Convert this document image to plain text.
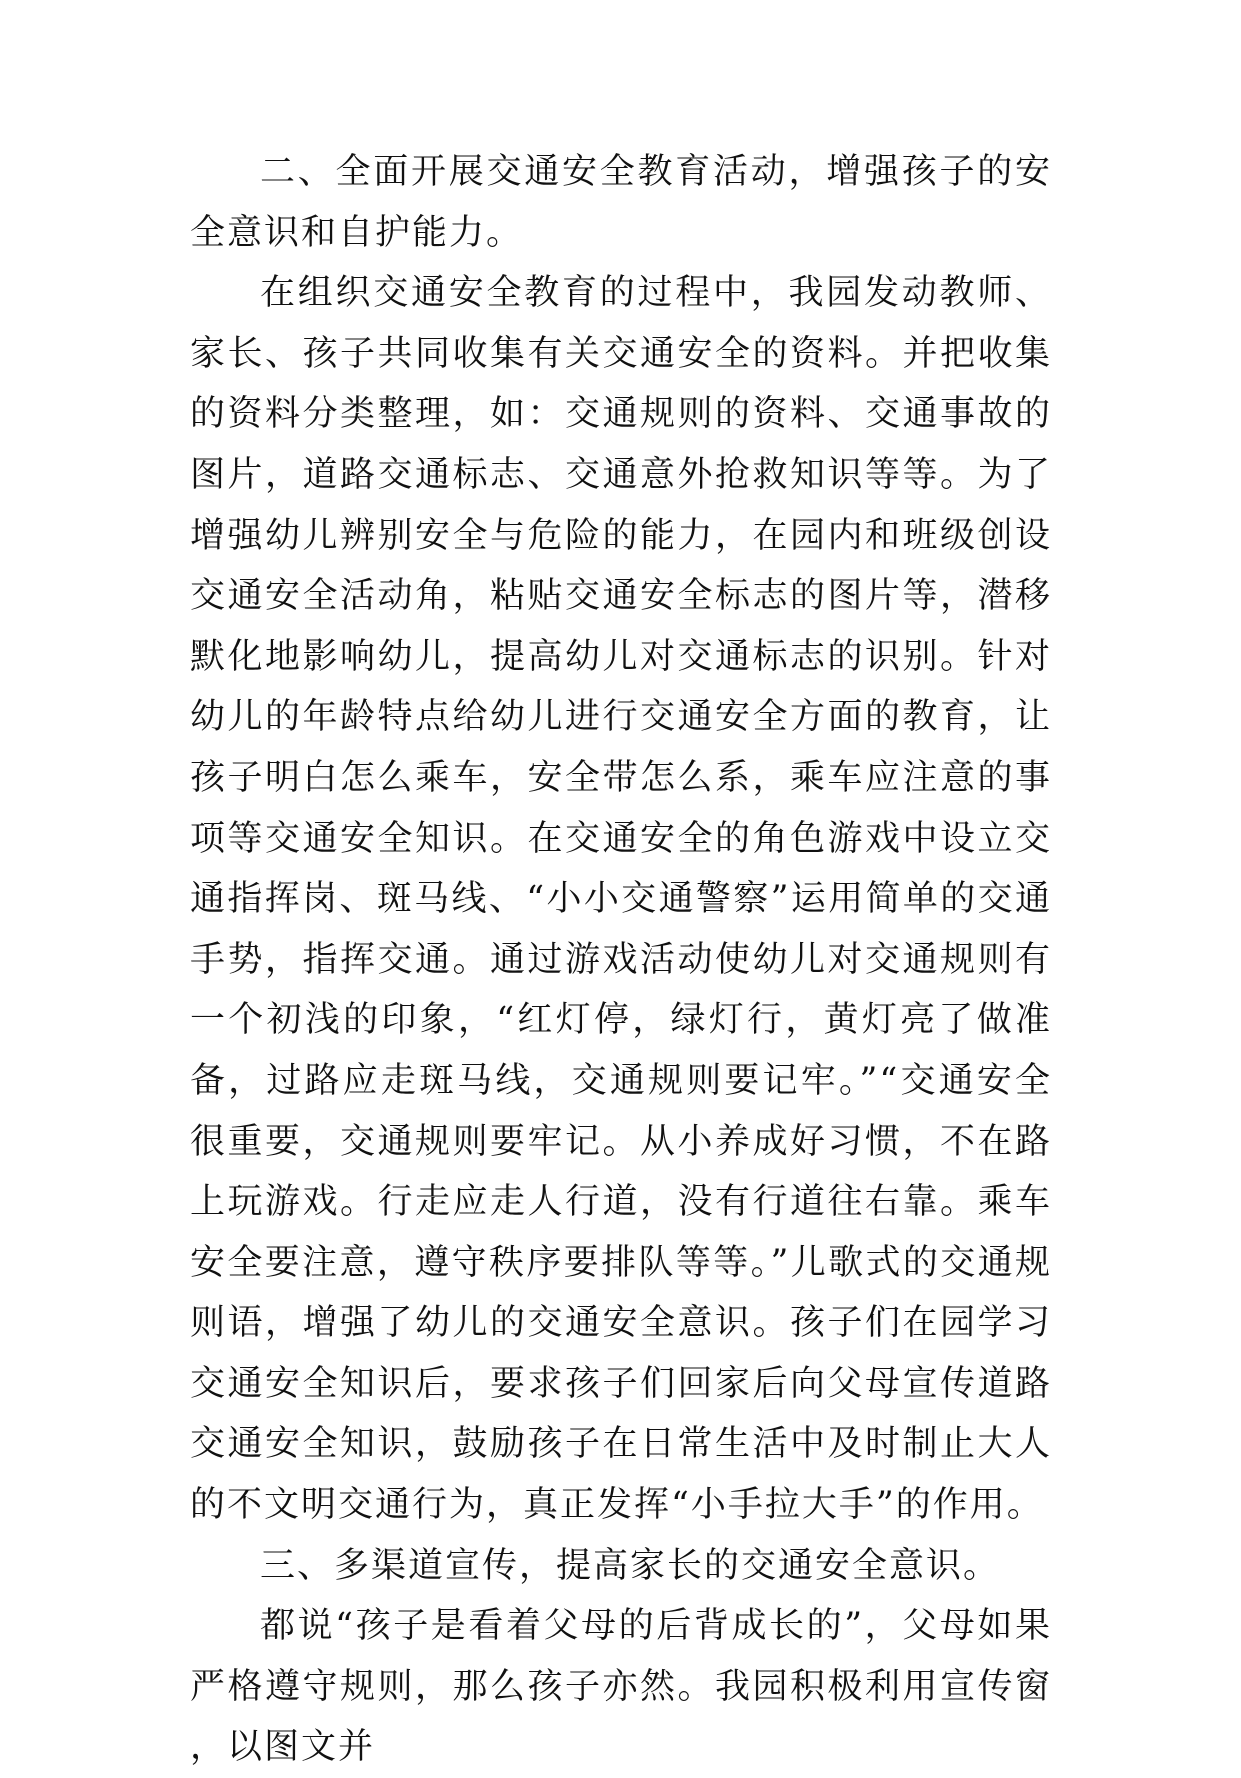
二、全面开展交通安全教育活动，增强孩子的安全意识和自护能力。

在组织交通安全教育的过程中，我园发动教师、家长、孩子共同收集有关交通安全的资料。并把收集的资料分类整理，如：交通规则的资料、交通事故的图片，道路交通标志、交通意外抢救知识等等。为了增强幼儿辨别安全与危险的能力，在园内和班级创设交通安全活动角，粘贴交通安全标志的图片等，潜移默化地影响幼儿，提高幼儿对交通标志的识别。针对幼儿的年龄特点给幼儿进行交通安全方面的教育，让孩子明白怎么乘车，安全带怎么系，乘车应注意的事项等交通安全知识。在交通安全的角色游戏中设立交通指挥岗、斑马线、“小小交通警察”运用简单的交通手势，指挥交通。通过游戏活动使幼儿对交通规则有一个初浅的印象，“红灯停，绿灯行，黄灯亮了做准备，过路应走斑马线，交通规则要记牢。”“交通安全很重要，交通规则要牢记。从小养成好习惯，不在路上玩游戏。行走应走人行道，没有行道往右靠。乘车安全要注意，遵守秩序要排队等等。”儿歌式的交通规则语，增强了幼儿的交通安全意识。孩子们在园学习交通安全知识后，要求孩子们回家后向父母宣传道路交通安全知识，鼓励孩子在日常生活中及时制止大人的不文明交通行为，真正发挥“小手拉大手”的作用。

三、多渠道宣传，提高家长的交通安全意识。

都说“孩子是看着父母的后背成长的”，父母如果严格遵守规则，那么孩子亦然。我园积极利用宣传窗，以图文并
